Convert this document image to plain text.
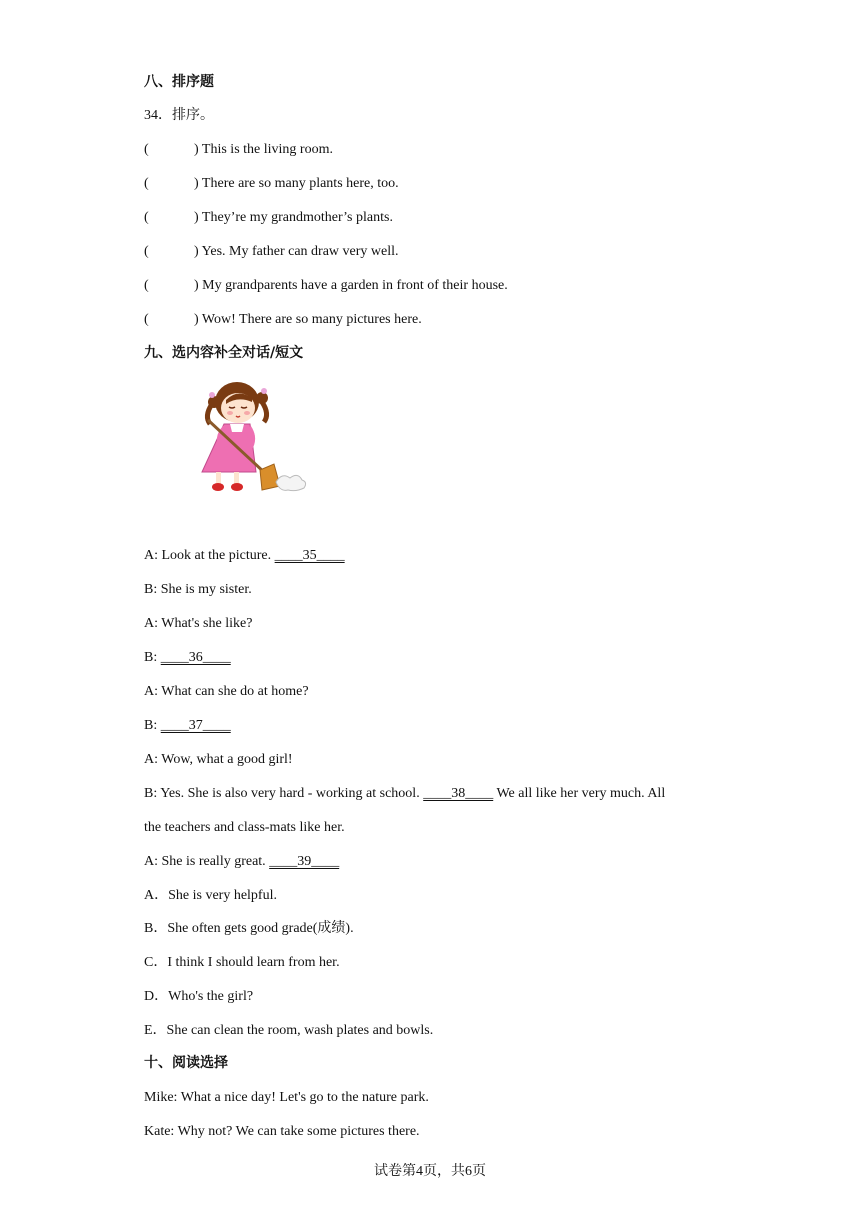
八、排序题
34．排序。
(	) This is the living room.
(	) There are so many plants here, too.
(	) They’re my grandmother’s plants.
(	) Yes. My father can draw very well.
(	) My grandparents have a garden in front of their house.
(	) Wow! There are so many pictures here.
九、选内容补全对话/短文
A: Look at the picture. ____35____
B: She is my sister.
A: What's she like?
B: ____36____
A: What can she do at home?
B: ____37____
A: Wow, what a good girl!
B: Yes. She is also very hard - working at school. ____38____ We all like her very much. All
the teachers and class-mats like her.
A: She is really great. ____39____
A．She is very helpful.
B．She often gets good grade(成绩).
C．I think I should learn from her.
D．Who's the girl?
E．She can clean the room, wash plates and bowls.
十、阅读选择
Mike: What a nice day! Let's go to the nature park.
Kate: Why not? We can take some pictures there.
试卷第4页，共6页
